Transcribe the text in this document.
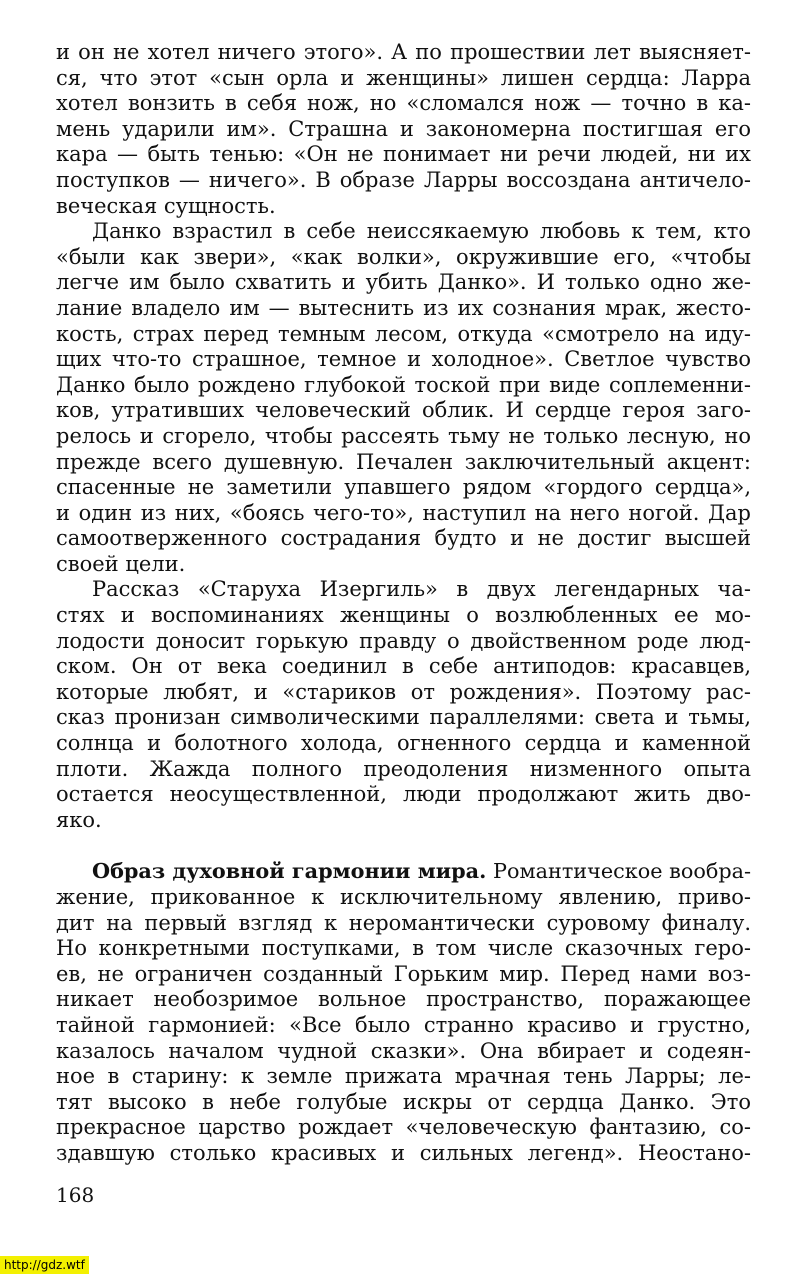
и он не хотел ничего этого». А по прошествии лет выясняет-
ся, что этот «сын орла и женщины» лишен сердца: Ларра
хотел вонзить в себя нож, но «сломался нож — точно в ка-
мень ударили им». Страшна и закономерна постигшая его
кара — быть тенью: «Он не понимает ни речи людей, ни их
поступков — ничего». В образе Ларры воссоздана античело-
веческая сущность.
Данко взрастил в себе неиссякаемую любовь к тем, кто
«были как звери», «как волки», окружившие его, «чтобы
легче им было схватить и убить Данко». И только одно же-
лание владело им — вытеснить из их сознания мрак, жесто-
кость, страх перед темным лесом, откуда «смотрело на иду-
щих что-то страшное, темное и холодное». Светлое чувство
Данко было рождено глубокой тоской при виде соплеменни-
ков, утративших человеческий облик. И сердце героя заго-
релось и сгорело, чтобы рассеять тьму не только лесную, но
прежде всего душевную. Печален заключительный акцент:
спасенные не заметили упавшего рядом «гордого сердца»,
и один из них, «боясь чего-то», наступил на него ногой. Дар
самоотверженного сострадания будто и не достиг высшей
своей цели.
Рассказ «Старуха Изергиль» в двух легендарных ча-
стях и воспоминаниях женщины о возлюбленных ее мо-
лодости доносит горькую правду о двойственном роде люд-
ском. Он от века соединил в себе антиподов: красавцев,
которые любят, и «стариков от рождения». Поэтому рас-
сказ пронизан символическими параллелями: света и тьмы,
солнца и болотного холода, огненного сердца и каменной
плоти. Жажда полного преодоления низменного опыта
остается неосуществленной, люди продолжают жить дво-
яко.
Образ духовной гармонии мира. Романтическое вообра-
жение, прикованное к исключительному явлению, приво-
дит на первый взгляд к неромантически суровому финалу.
Но конкретными поступками, в том числе сказочных геро-
ев, не ограничен созданный Горьким мир. Перед нами воз-
никает необозримое вольное пространство, поражающее
тайной гармонией: «Все было странно красиво и грустно,
казалось началом чудной сказки». Она вбирает и содеян-
ное в старину: к земле прижата мрачная тень Ларры; ле-
тят высоко в небе голубые искры от сердца Данко. Это
прекрасное царство рождает «человеческую фантазию, со-
здавшую столько красивых и сильных легенд». Неостано-
168
http://gdz.wtf
